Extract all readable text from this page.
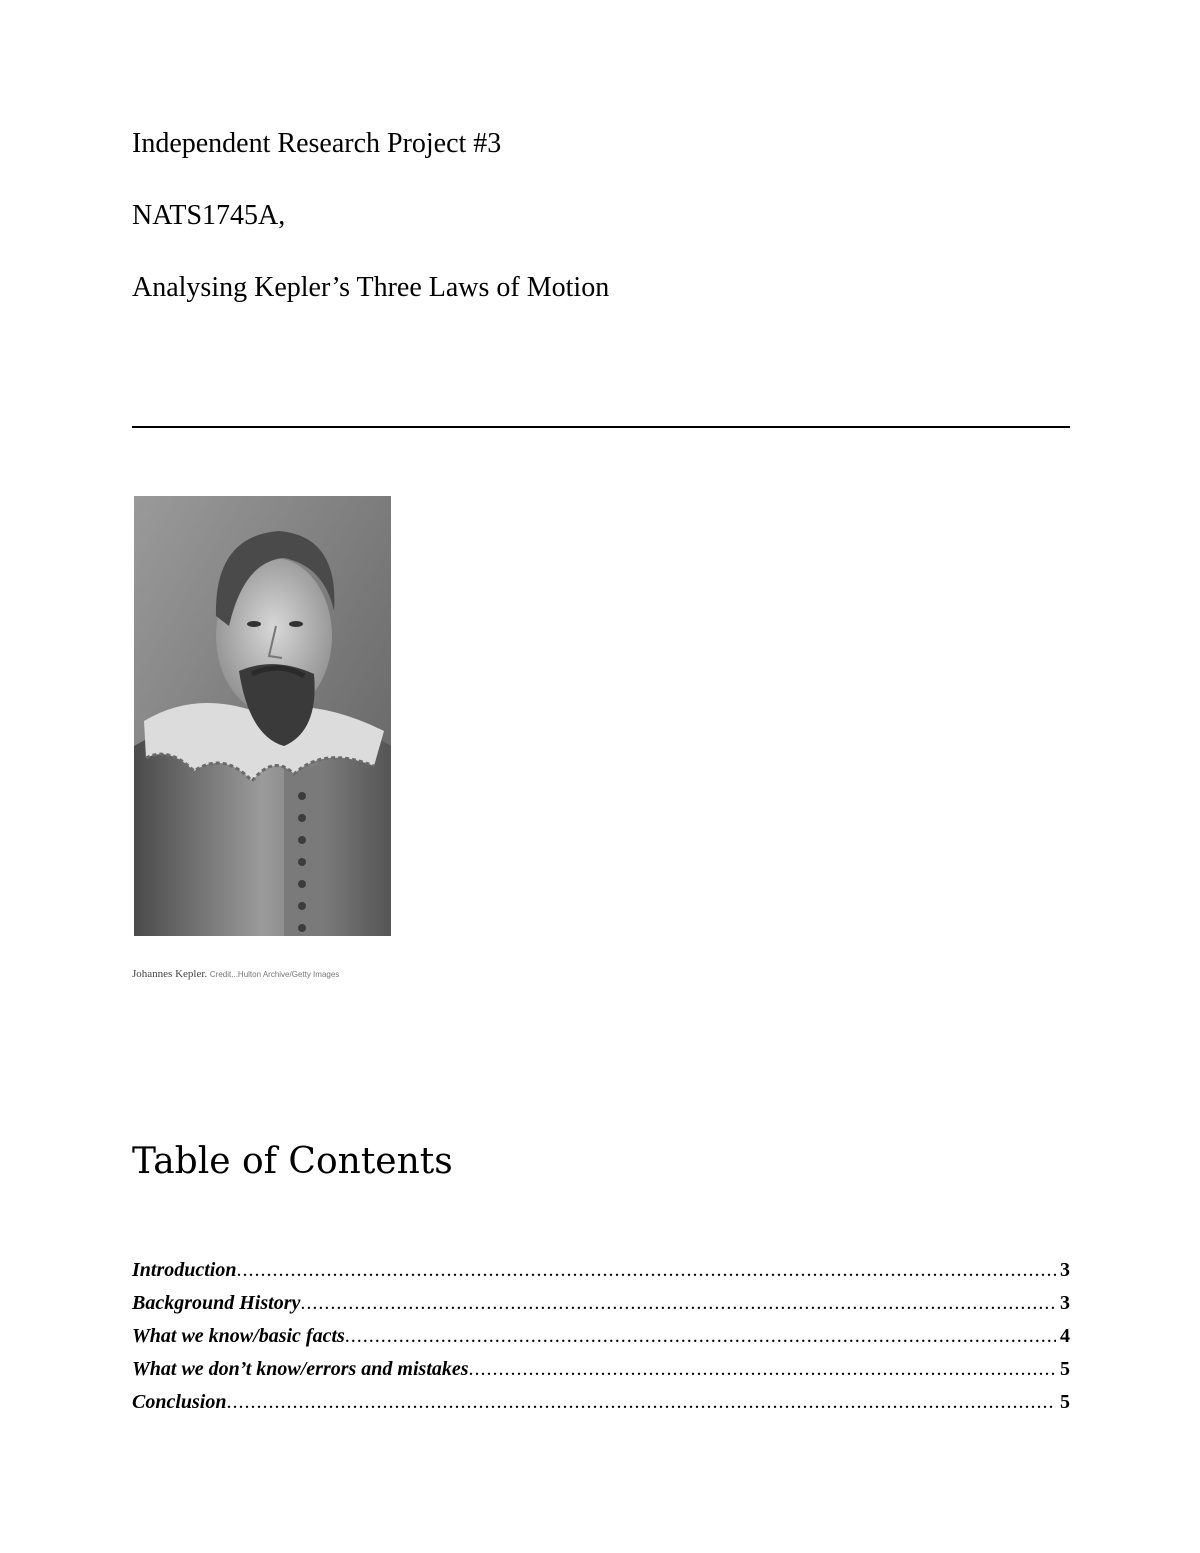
Independent Research Project #3
NATS1745A,
Analysing Kepler’s Three Laws of Motion
Johannes Kepler. Credit...Hulton Archive/Getty Images
Table of Contents
Introduction .....	3
Background History .....	3
What we know/basic facts .....	4
What we don’t know/errors and mistakes .....	5
Conclusion .....	5
